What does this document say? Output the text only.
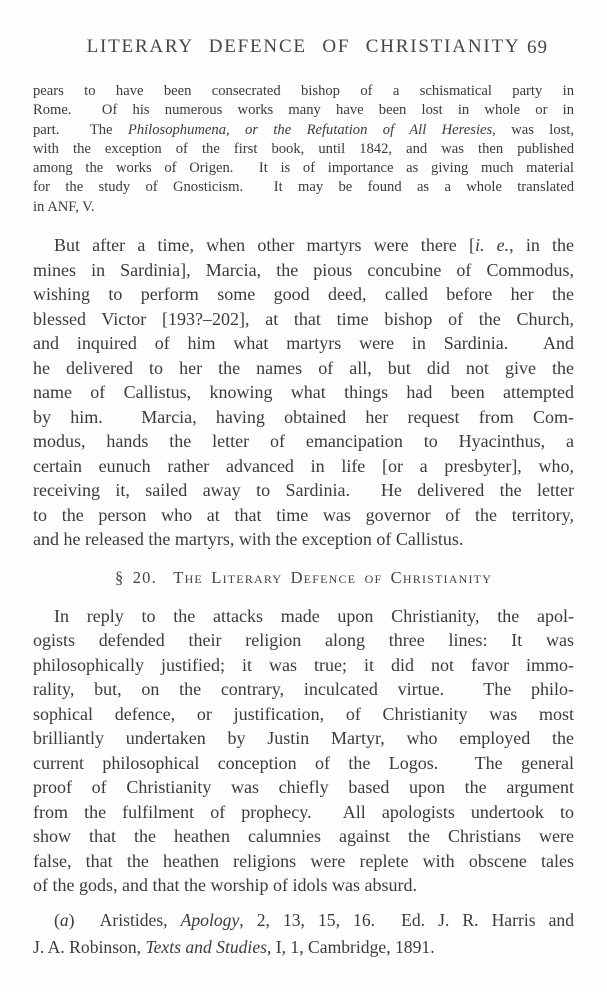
LITERARY DEFENCE OF CHRISTIANITY 69
pears to have been consecrated bishop of a schismatical party in
Rome.  Of his numerous works many have been lost in whole or in
part.  The Philosophumena, or the Refutation of All Heresies, was lost,
with the exception of the first book, until 1842, and was then published
among the works of Origen.  It is of importance as giving much material
for the study of Gnosticism.  It may be found as a whole translated
in ANF, V.
But after a time, when other martyrs were there [i. e., in the
mines in Sardinia], Marcia, the pious concubine of Commodus,
wishing to perform some good deed, called before her the
blessed Victor [193?–202], at that time bishop of the Church,
and inquired of him what martyrs were in Sardinia.  And
he delivered to her the names of all, but did not give the
name of Callistus, knowing what things had been attempted
by him.  Marcia, having obtained her request from Com-
modus, hands the letter of emancipation to Hyacinthus, a
certain eunuch rather advanced in life [or a presbyter], who,
receiving it, sailed away to Sardinia.  He delivered the letter
to the person who at that time was governor of the territory,
and he released the martyrs, with the exception of Callistus.
§ 20.  The Literary Defence of Christianity
In reply to the attacks made upon Christianity, the apol-
ogists defended their religion along three lines: It was
philosophically justified; it was true; it did not favor immo-
rality, but, on the contrary, inculcated virtue.  The philo-
sophical defence, or justification, of Christianity was most
brilliantly undertaken by Justin Martyr, who employed the
current philosophical conception of the Logos.  The general
proof of Christianity was chiefly based upon the argument
from the fulfilment of prophecy.  All apologists undertook to
show that the heathen calumnies against the Christians were
false, that the heathen religions were replete with obscene tales
of the gods, and that the worship of idols was absurd.
(a)  Aristides, Apology, 2, 13, 15, 16.  Ed. J. R. Harris and
J. A. Robinson, Texts and Studies, I, 1, Cambridge, 1891.
